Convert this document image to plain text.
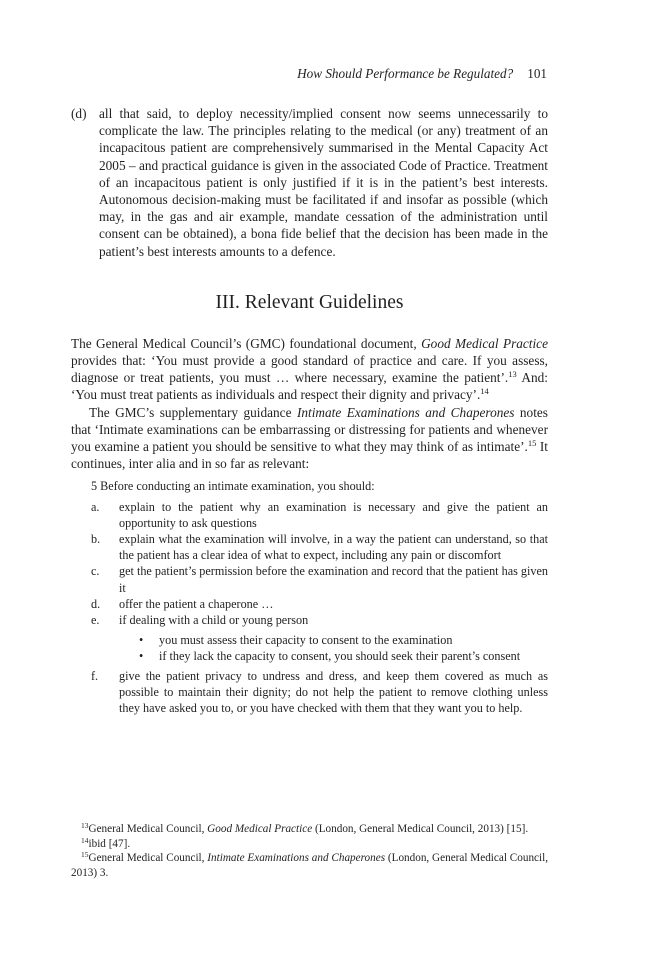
How Should Performance be Regulated? 101
(d) all that said, to deploy necessity/implied consent now seems unnecessarily to complicate the law. The principles relating to the medical (or any) treatment of an incapacitous patient are comprehensively summarised in the Mental Capacity Act 2005 – and practical guidance is given in the associated Code of Practice. Treatment of an incapacitous patient is only justified if it is in the patient’s best interests. Autonomous decision-making must be facilitated if and insofar as possible (which may, in the gas and air example, mandate cessation of the administration until consent can be obtained), a bona fide belief that the decision has been made in the patient’s best interests amounts to a defence.
III. Relevant Guidelines

The General Medical Council’s (GMC) foundational document, Good Medical Practice provides that: ‘You must provide a good standard of practice and care. If you assess, diagnose or treat patients, you must … where necessary, examine the patient’.$^{13}$ And: ‘You must treat patients as individuals and respect their dignity and privacy’.$^{14}$

The GMC’s supplementary guidance Intimate Examinations and Chaperones notes that ‘Intimate examinations can be embarrassing or distressing for patients and whenever you examine a patient you should be sensitive to what they may think of as intimate’.$^{15}$ It continues, inter alia and in so far as relevant:

5 Before conducting an intimate examination, you should:
a.	explain to the patient why an examination is necessary and give the patient an opportunity to ask questions
b.	explain what the examination will involve, in a way the patient can understand, so that the patient has a clear idea of what to expect, including any pain or discomfort
c.	get the patient’s permission before the examination and record that the patient has given it
d.	offer the patient a chaperone …
e.	if dealing with a child or young person
•	you must assess their capacity to consent to the examination
•	if they lack the capacity to consent, you should seek their parent’s consent
f.	give the patient privacy to undress and dress, and keep them covered as much as possible to maintain their dignity; do not help the patient to remove clothing unless they have asked you to, or you have checked with them that they want you to help.
$^{13}$General Medical Council, Good Medical Practice (London, General Medical Council, 2013) [15].
$^{14}$ibid [47].
$^{15}$General Medical Council, Intimate Examinations and Chaperones (London, General Medical Council, 2013) 3.
